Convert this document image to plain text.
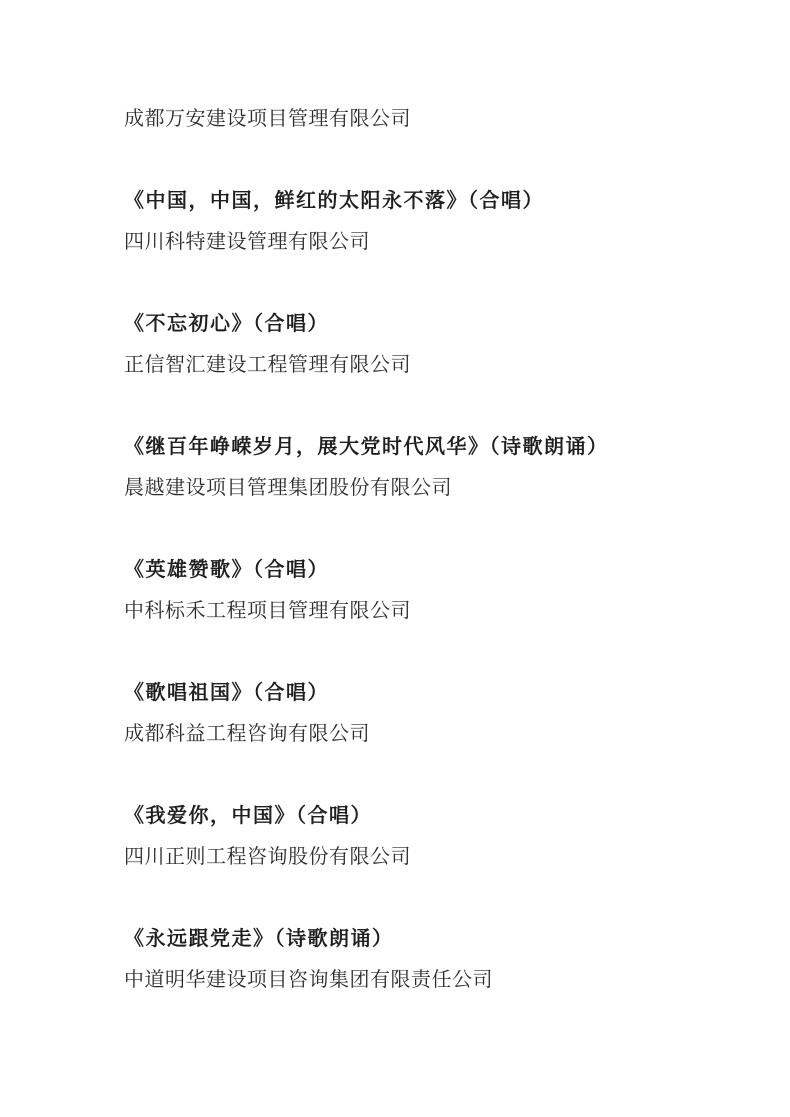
成都万安建设项目管理有限公司
《中国，中国，鲜红的太阳永不落》（合唱）
四川科特建设管理有限公司
《不忘初心》（合唱）
正信智汇建设工程管理有限公司
《继百年峥嵘岁月，展大党时代风华》（诗歌朗诵）
晨越建设项目管理集团股份有限公司
《英雄赞歌》（合唱）
中科标禾工程项目管理有限公司
《歌唱祖国》（合唱）
成都科益工程咨询有限公司
《我爱你，中国》（合唱）
四川正则工程咨询股份有限公司
《永远跟党走》（诗歌朗诵）
中道明华建设项目咨询集团有限责任公司
